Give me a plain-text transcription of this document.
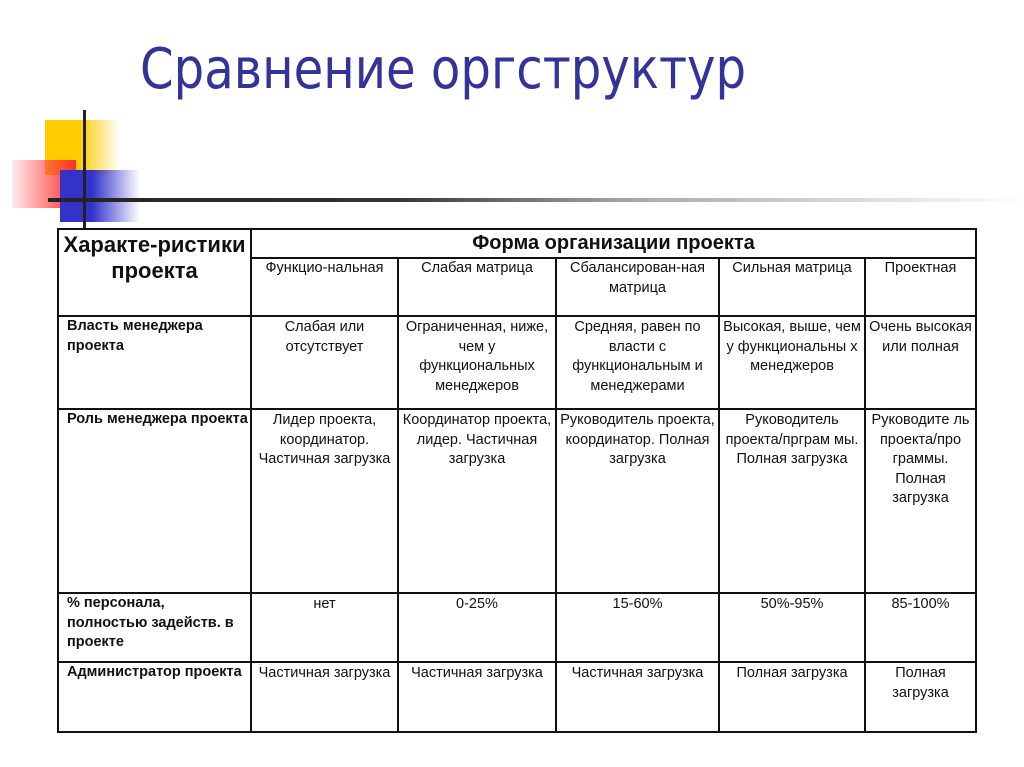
Сравнение оргструктур
Характе-ристики проекта	Форма организации проекта				
	Функцио-нальная	Слабая матрица	Сбалансирован-ная матрица	Сильная матрица	Проектная
Власть менеджера проекта	Слабая или отсутствует	Ограниченная, ниже, чем у функциональных менеджеров	Средняя, равен по власти с функциональным и менеджерами	Высокая, выше, чем у функциональны х менеджеров	Очень высокая или полная
Роль менеджера проекта	Лидер проекта, координатор. Частичная загрузка	Координатор проекта, лидер. Частичная загрузка	Руководитель проекта, координатор. Полная загрузка	Руководитель проекта/прграм мы. Полная загрузка	Руководите ль проекта/про граммы. Полная загрузка
% персонала, полностью задейств. в проекте	нет	0-25%	15-60%	50%-95%	85-100%
Администратор проекта	Частичная загрузка	Частичная загрузка	Частичная загрузка	Полная загрузка	Полная загрузка
